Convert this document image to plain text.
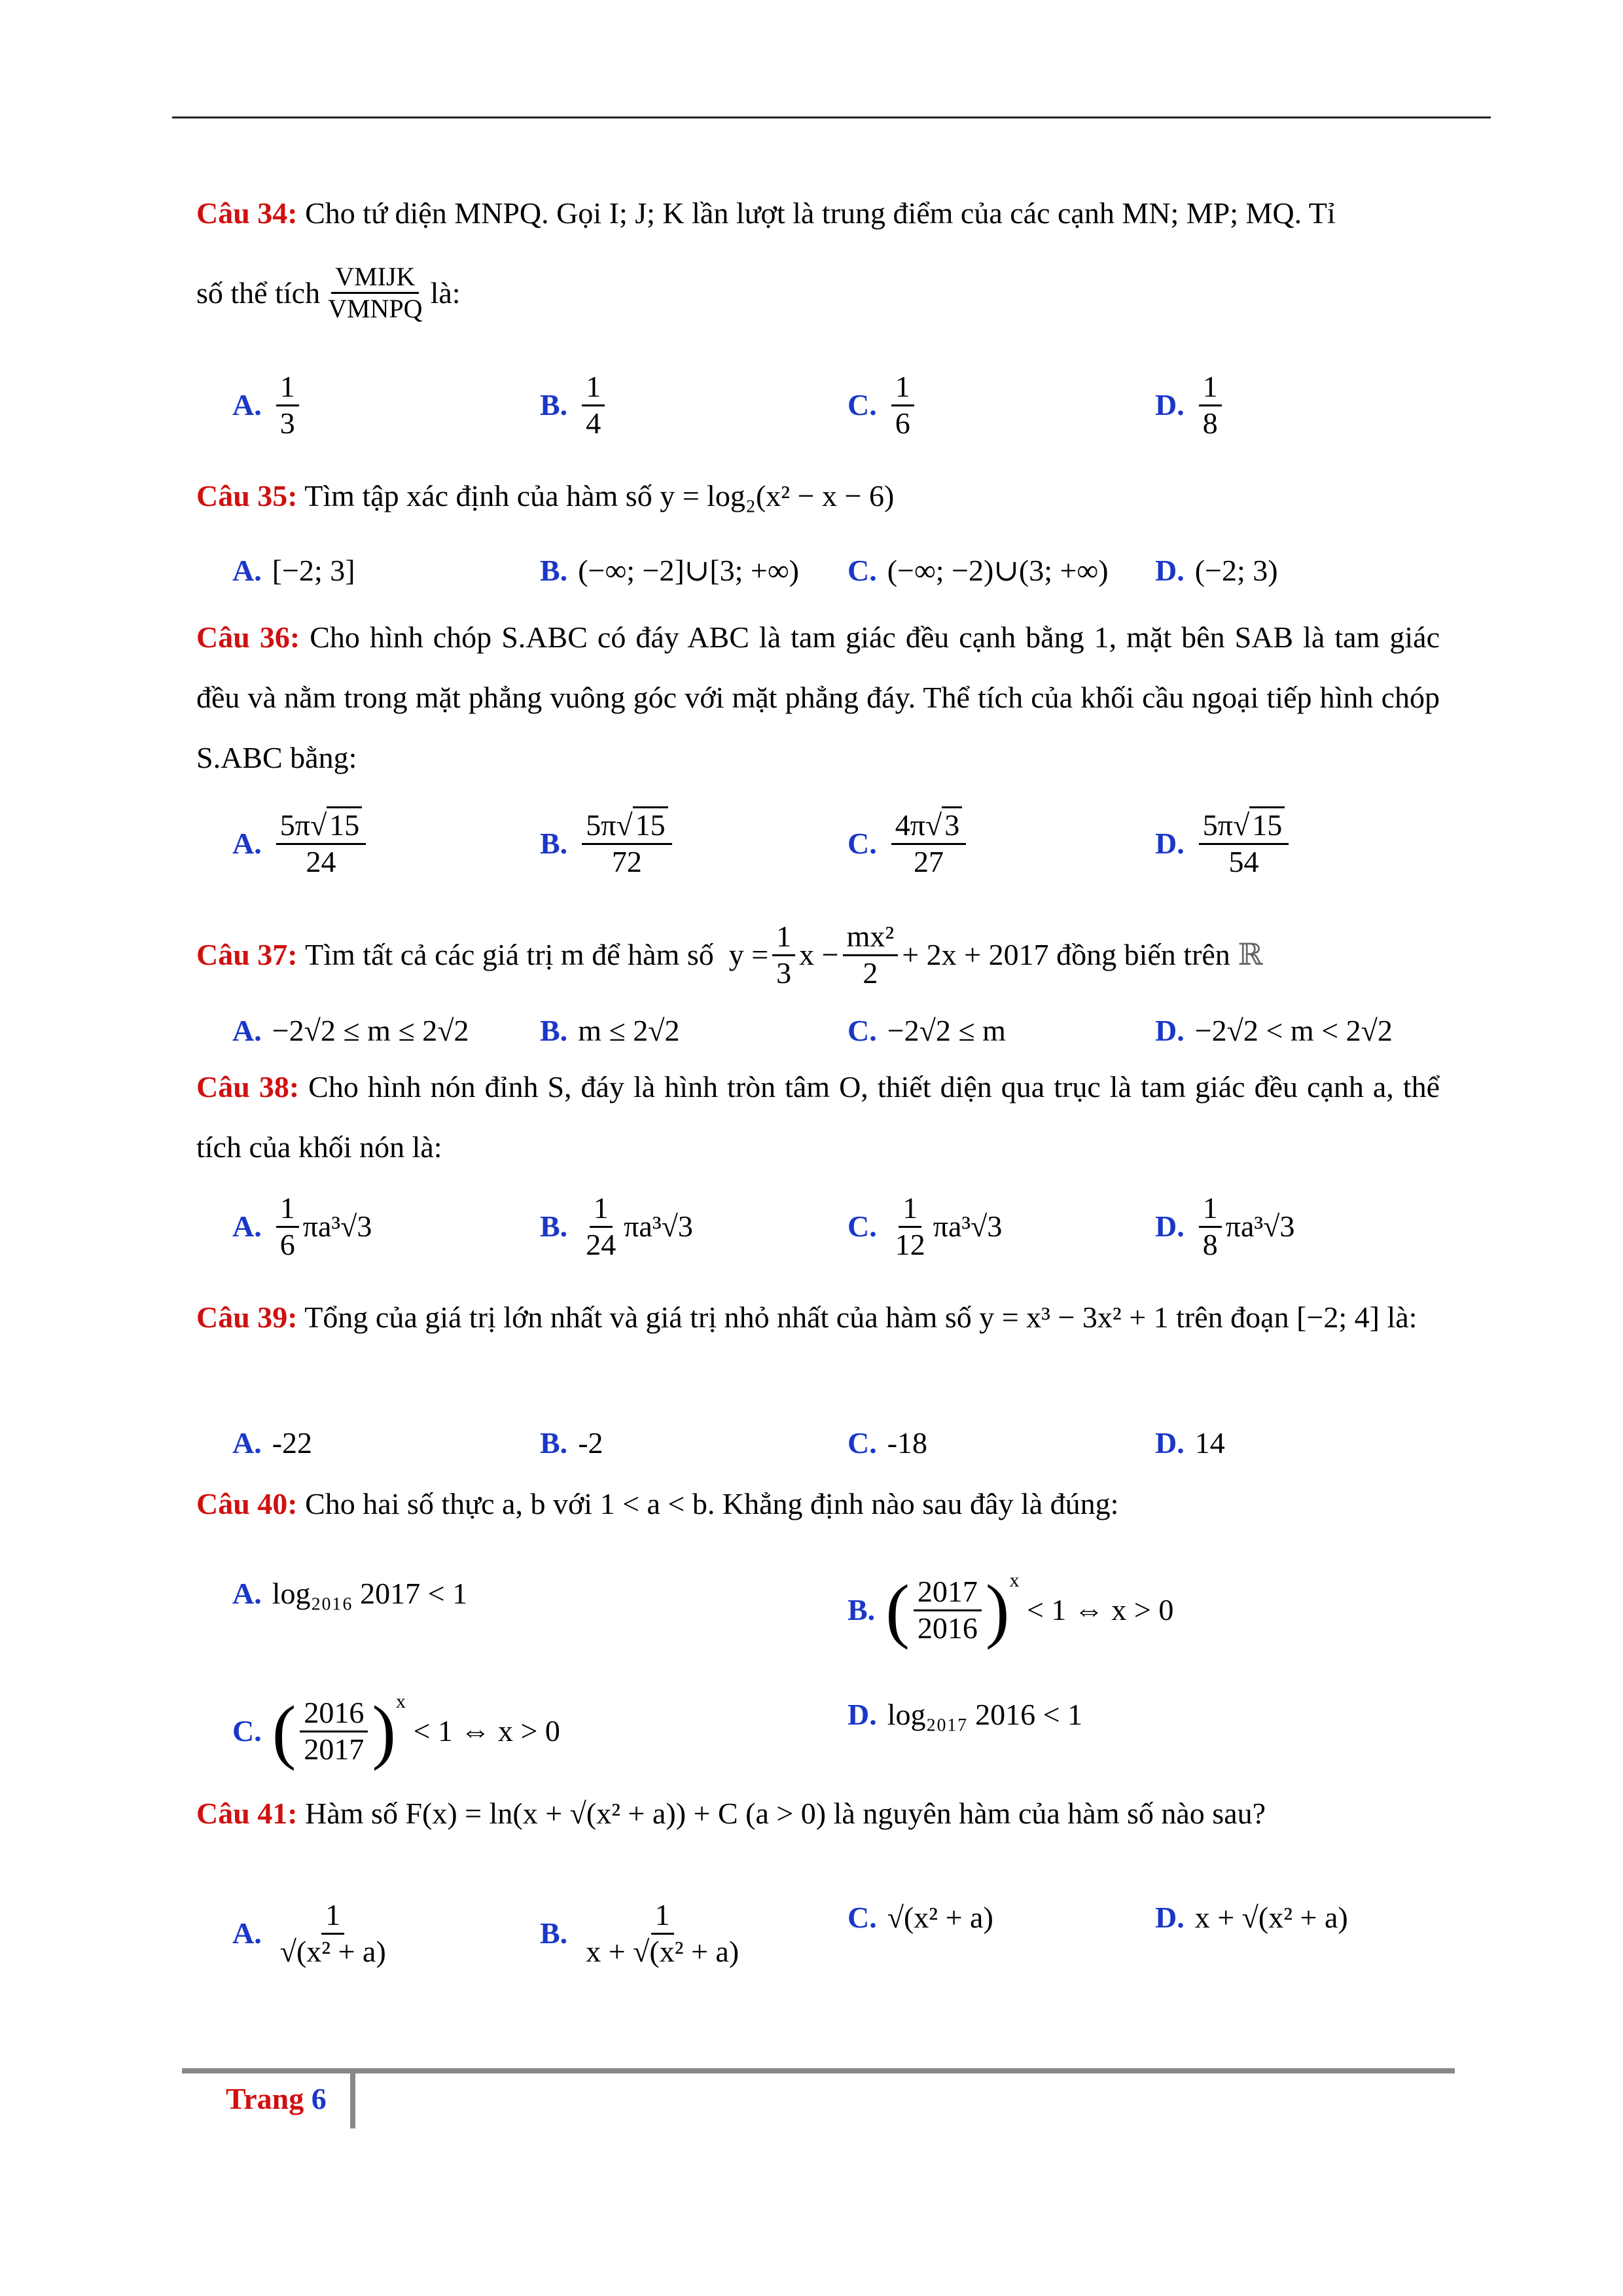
Câu 34: Cho tứ diện MNPQ. Gọi I; J; K lần lượt là trung điểm của các cạnh MN; MP; MQ. Tỉ
số thể tích $\frac{\text{VMIJK}}{\text{VMNPQ}}$ là:
A. $\frac{1}{3}$	B. $\frac{1}{4}$	C. $\frac{1}{6}$	D. $\frac{1}{8}$
Câu 35: Tìm tập xác định của hàm số y = log₂(x² − x − 6)
A. [−2; 3]	B. (−∞; −2]∪[3; +∞) C. (−∞; −2)∪(3; +∞) D. (−2; 3)
Câu 36: Cho hình chóp S.ABC có đáy ABC là tam giác đều cạnh bằng 1, mặt bên SAB là tam giác đều và nằm trong mặt phẳng vuông góc với mặt phẳng đáy. Thể tích của khối cầu ngoại tiếp hình chóp S.ABC bằng:
A. $\frac{5\pi√15}{24}$	B. $\frac{5\pi√15}{72}$	C. $\frac{4\pi√3}{27}$	D. $\frac{5\pi√15}{54}$
Câu 37:
Tìm tất cả các giá trị m để hàm số
$y = \frac{1}{3}$ $x - \frac{\text{mx²}}{2} + 2x + 2017$
đồng biến trên
ℝ
A. −2√2 ≤ m ≤ 2√2 B. m ≤ 2√2	C. −2√2 ≤ m	D. −2√2 < m < 2√2
Câu 38: Cho hình nón đỉnh S, đáy là hình tròn tâm O, thiết diện qua trục là tam giác đều cạnh a, thể tích của khối nón là:
A. $\frac{1}{6} \pi a^3√3$	B. $\frac{1}{24} \pi a^3√3$	C. $\frac{1}{12} \pi a^3√3$	D. $\frac{1}{8} \pi a^3√3$
Câu 39: Tổng của giá trị lớn nhất và giá trị nhỏ nhất của hàm số y = x³ − 3x² + 1 trên đoạn [−2; 4] là:
A. -22	B. -2	C. -18	D. 14
Câu 40: Cho hai số thực a, b với 1 < a < b. Khẳng định nào sau đây là đúng:
A. log₂₀₁₆ 2017 < 1	B. ( $\frac{2017}{2016} )^x$

< 1 ⇔ x > 0
C. ( $\frac{2016}{2017} )^x$

< 1 ⇔ x > 0	D. log₂₀₁₇ 2016 < 1
Câu 41: Hàm số F(x) = ln(x + √(x² + a)) + C (a > 0) là nguyên hàm của hàm số nào sau?
A. $\frac{1}{\text{√(x² + a)}}$	B. $\frac{1}{\text{x + √(x² + a)}}$	C. √(x² + a)	D. x + √(x² + a)
Trang 6
